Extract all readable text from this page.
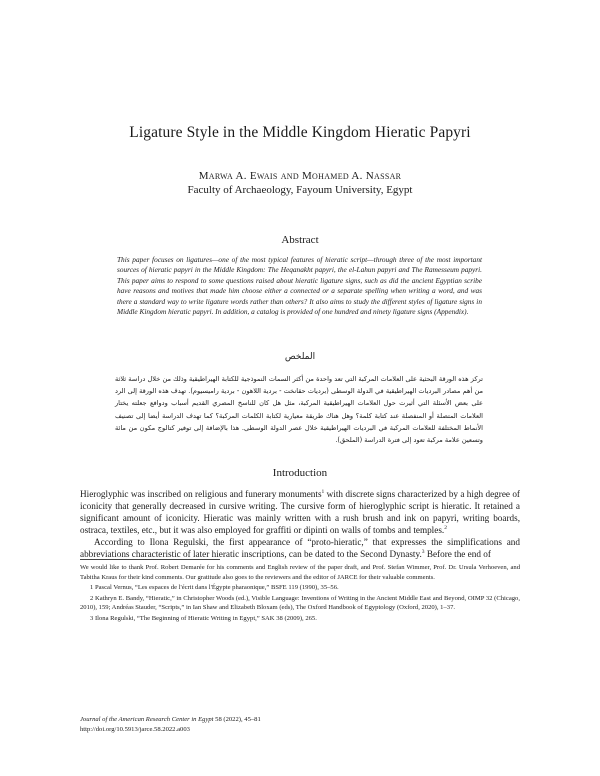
Ligature Style in the Middle Kingdom Hieratic Papyri
Marwa A. Ewais and Mohamed A. Nassar
Faculty of Archaeology, Fayoum University, Egypt
Abstract
This paper focuses on ligatures—one of the most typical features of hieratic script—through three of the most important sources of hieratic papyri in the Middle Kingdom: The Heqanakht papyri, the el-Lahun papyri and The Ramesseum papyri. This paper aims to respond to some questions raised about hieratic ligature signs, such as did the ancient Egyptian scribe have reasons and motives that made him choose either a connected or a separate spelling when writing a word, and was there a standard way to write ligature words rather than others? It also aims to study the different styles of ligature signs in Middle Kingdom hieratic papyri. In addition, a catalog is provided of one hundred and ninety ligature signs (Appendix).
الملخص
تركز هذه الورقة البحثية على العلامات المركبة التي تعد واحدة من أكثر السمات النموذجية للكتابة الهيراطيقية وذلك من خلال دراسة ثلاثة من أهم مصادر البرديات الهيراطيقية في الدولة الوسطى (برديات حقانخت - بردية اللاهون - بردية راميسيوم). تهدف هذه الورقة إلى الرد على بعض الأسئلة التي أثيرت حول العلامات الهيراطيقية المركبة، مثل هل كان للناسخ المصري القديم أسباب ودوافع جعلته يختار العلامات المتصلة أو المنفصلة عند كتابة كلمة؟ وهل هناك طريقة معيارية لكتابة الكلمات المركبة؟ كما تهدف الدراسة أيضا إلى تصنيف الأنماط المختلفة للعلامات المركبة في البرديات الهيراطيقية خلال عصر الدولة الوسطى. هذا بالإضافة إلى توفير كتالوج مكون من مائة وتسعين علامة مركبة تعود إلى فترة الدراسة (الملحق).
Introduction

Hieroglyphic was inscribed on religious and funerary monuments$^1$ with discrete signs characterized by a high degree of iconicity that generally decreased in cursive writing. The cursive form of hieroglyphic script is hieratic. It retained a significant amount of iconicity. Hieratic was mainly written with a rush brush and ink on papyri, writing boards, ostraca, textiles, etc., but it was also employed for graffiti or dipinti on walls of tombs and temples.$^2$

According to Ilona Regulski, the first appearance of “proto-hieratic,” that expresses the simplifications and abbreviations characteristic of later hieratic inscriptions, can be dated to the Second Dynasty.$^3$ Before the end of

We would like to thank Prof. Robert Demarée for his comments and English review of the paper draft, and Prof. Stefan Wimmer, Prof. Dr. Ursula Verhoeven, and Tabitha Kraus for their kind comments. Our gratitude also goes to the reviewers and the editor of JARCE for their valuable comments.

1 Pascal Vernus, “Les espaces de l'écrit dans l'Égypte pharaonique,” BSFE 119 (1990), 35–56.

2 Kathryn E. Bandy, “Hieratic,” in Christopher Woods (ed.), Visible Language: Inventions of Writing in the Ancient Middle East and Beyond, OIMP 32 (Chicago, 2010), 159; Andréas Stauder, “Scripts,” in Ian Shaw and Elizabeth Bloxam (eds), The Oxford Handbook of Egyptology (Oxford, 2020), 1–37.

3 Ilona Regulski, “The Beginning of Hieratic Writing in Egypt,” SAK 38 (2009), 265.

Journal of the American Research Center in Egypt 58 (2022), 45–81
http://doi.org/10.5913/jarce.58.2022.a003
